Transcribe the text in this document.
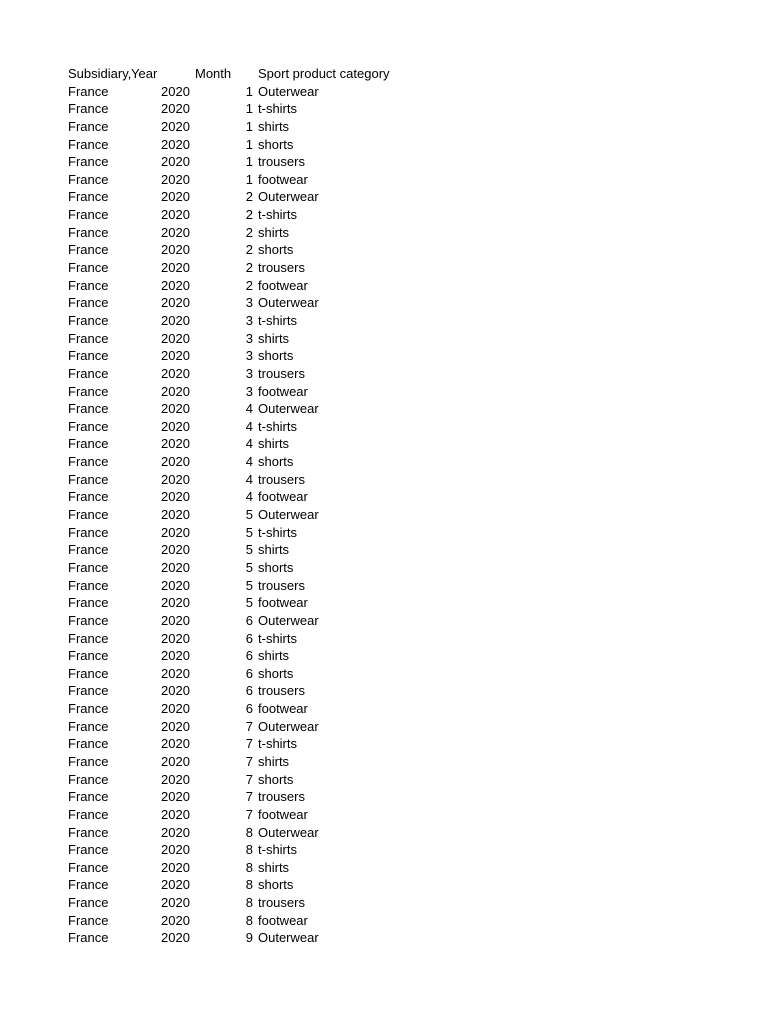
Subsidiary, Year	Month Sport product category
France	2020	1 Outerwear
France	2020	1 t-shirts
France	2020	1 shirts
France	2020	1 shorts
France	2020	1 trousers
France	2020	1 footwear
France	2020	2 Outerwear
France	2020	2 t-shirts
France	2020	2 shirts
France	2020	2 shorts
France	2020	2 trousers
France	2020	2 footwear
France	2020	3 Outerwear
France	2020	3 t-shirts
France	2020	3 shirts
France	2020	3 shorts
France	2020	3 trousers
France	2020	3 footwear
France	2020	4 Outerwear
France	2020	4 t-shirts
France	2020	4 shirts
France	2020	4 shorts
France	2020	4 trousers
France	2020	4 footwear
France	2020	5 Outerwear
France	2020	5 t-shirts
France	2020	5 shirts
France	2020	5 shorts
France	2020	5 trousers
France	2020	5 footwear
France	2020	6 Outerwear
France	2020	6 t-shirts
France	2020	6 shirts
France	2020	6 shorts
France	2020	6 trousers
France	2020	6 footwear
France	2020	7 Outerwear
France	2020	7 t-shirts
France	2020	7 shirts
France	2020	7 shorts
France	2020	7 trousers
France	2020	7 footwear
France	2020	8 Outerwear
France	2020	8 t-shirts
France	2020	8 shirts
France	2020	8 shorts
France	2020	8 trousers
France	2020	8 footwear
France	2020	9 Outerwear
